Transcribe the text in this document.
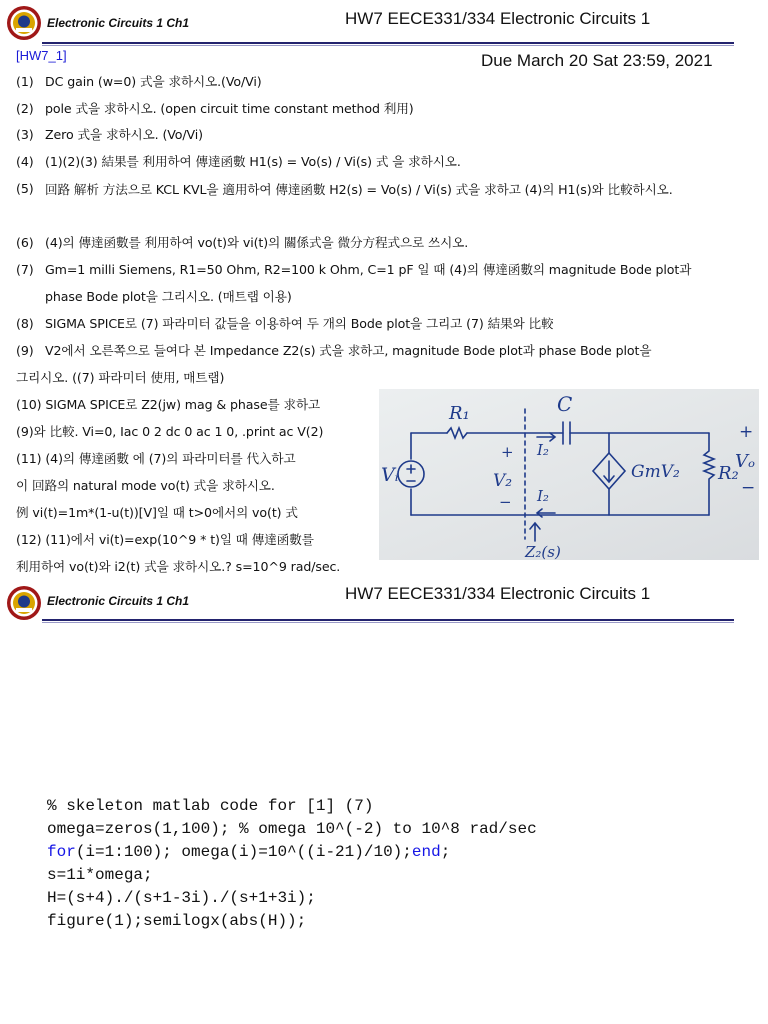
Electronic Circuits 1 Ch1	HW7 EECE331/334 Electronic Circuits 1
[HW7_1]	Due March 20 Sat 23:59, 2021
(1) DC gain (w=0) 式을 求하시오.(Vo/Vi)
(2) pole 式을 求하시오. (open circuit time constant method 利用)
(3) Zero 式을 求하시오. (Vo/Vi)
(4) (1)(2)(3) 結果를 利用하여 傳達函數 H1(s) = Vo(s) / Vi(s) 式 을 求하시오.
(5) 回路 解析 方法으로 KCL KVL을 適用하여 傳達函數 H2(s) = Vo(s) / Vi(s) 式을 求하고 (4)의 H1(s)와 比較하시오.
(6) (4)의 傳達函數를 利用하여 vo(t)와 vi(t)의 關係式을 微分方程式으로 쓰시오.
(7) Gm=1 milli Siemens, R1=50 Ohm, R2=100 k Ohm, C=1 pF 일 때 (4)의 傳達函數의 magnitude Bode plot과
phase Bode plot을 그리시오. (매트랩 이용)
(8) SIGMA SPICE로 (7) 파라미터 값들을 이용하여 두 개의 Bode plot을 그리고 (7) 結果와 比較
(9) V2에서 오른쪽으로 들여다 본 Impedance Z2(s) 式을 求하고, magnitude Bode plot과 phase Bode plot을
그리시오. ((7) 파라미터 使用, 매트랩)
(10) SIGMA SPICE로 Z2(jw) mag & phase를 求하고
(9)와 比較. Vi=0, Iac 0 2 dc 0 ac 1 0, .print ac V(2)
(11) (4)의 傳達函數 에 (7)의 파라미터를 代入하고
이 回路의 natural mode vo(t) 式을 求하시오.
例 vi(t)=1m*(1-u(t))[V]일 때 t>0에서의 vo(t) 式
(12) (11)에서 vi(t)=exp(10^9 * t)일 때 傳達函數를
利用하여 vo(t)와 i2(t) 式을 求하시오.? s=10^9 rad/sec.
R₁	C
I₂
+
V₂
− I₂
Vᵢ	GmV₂ R₂
+
Vₒ
−
Z₂(s)
Electronic Circuits 1 Ch1	HW7 EECE331/334 Electronic Circuits 1
% skeleton matlab code for [1] (7)
omega=zeros(1,100); % omega 10^(-2) to 10^8 rad/sec
for(i=1:100); omega(i)=10^((i-21)/10);end;
s=1i*omega;
H=(s+4)./(s+1-3i)./(s+1+3i);
figure(1);semilogx(abs(H));
